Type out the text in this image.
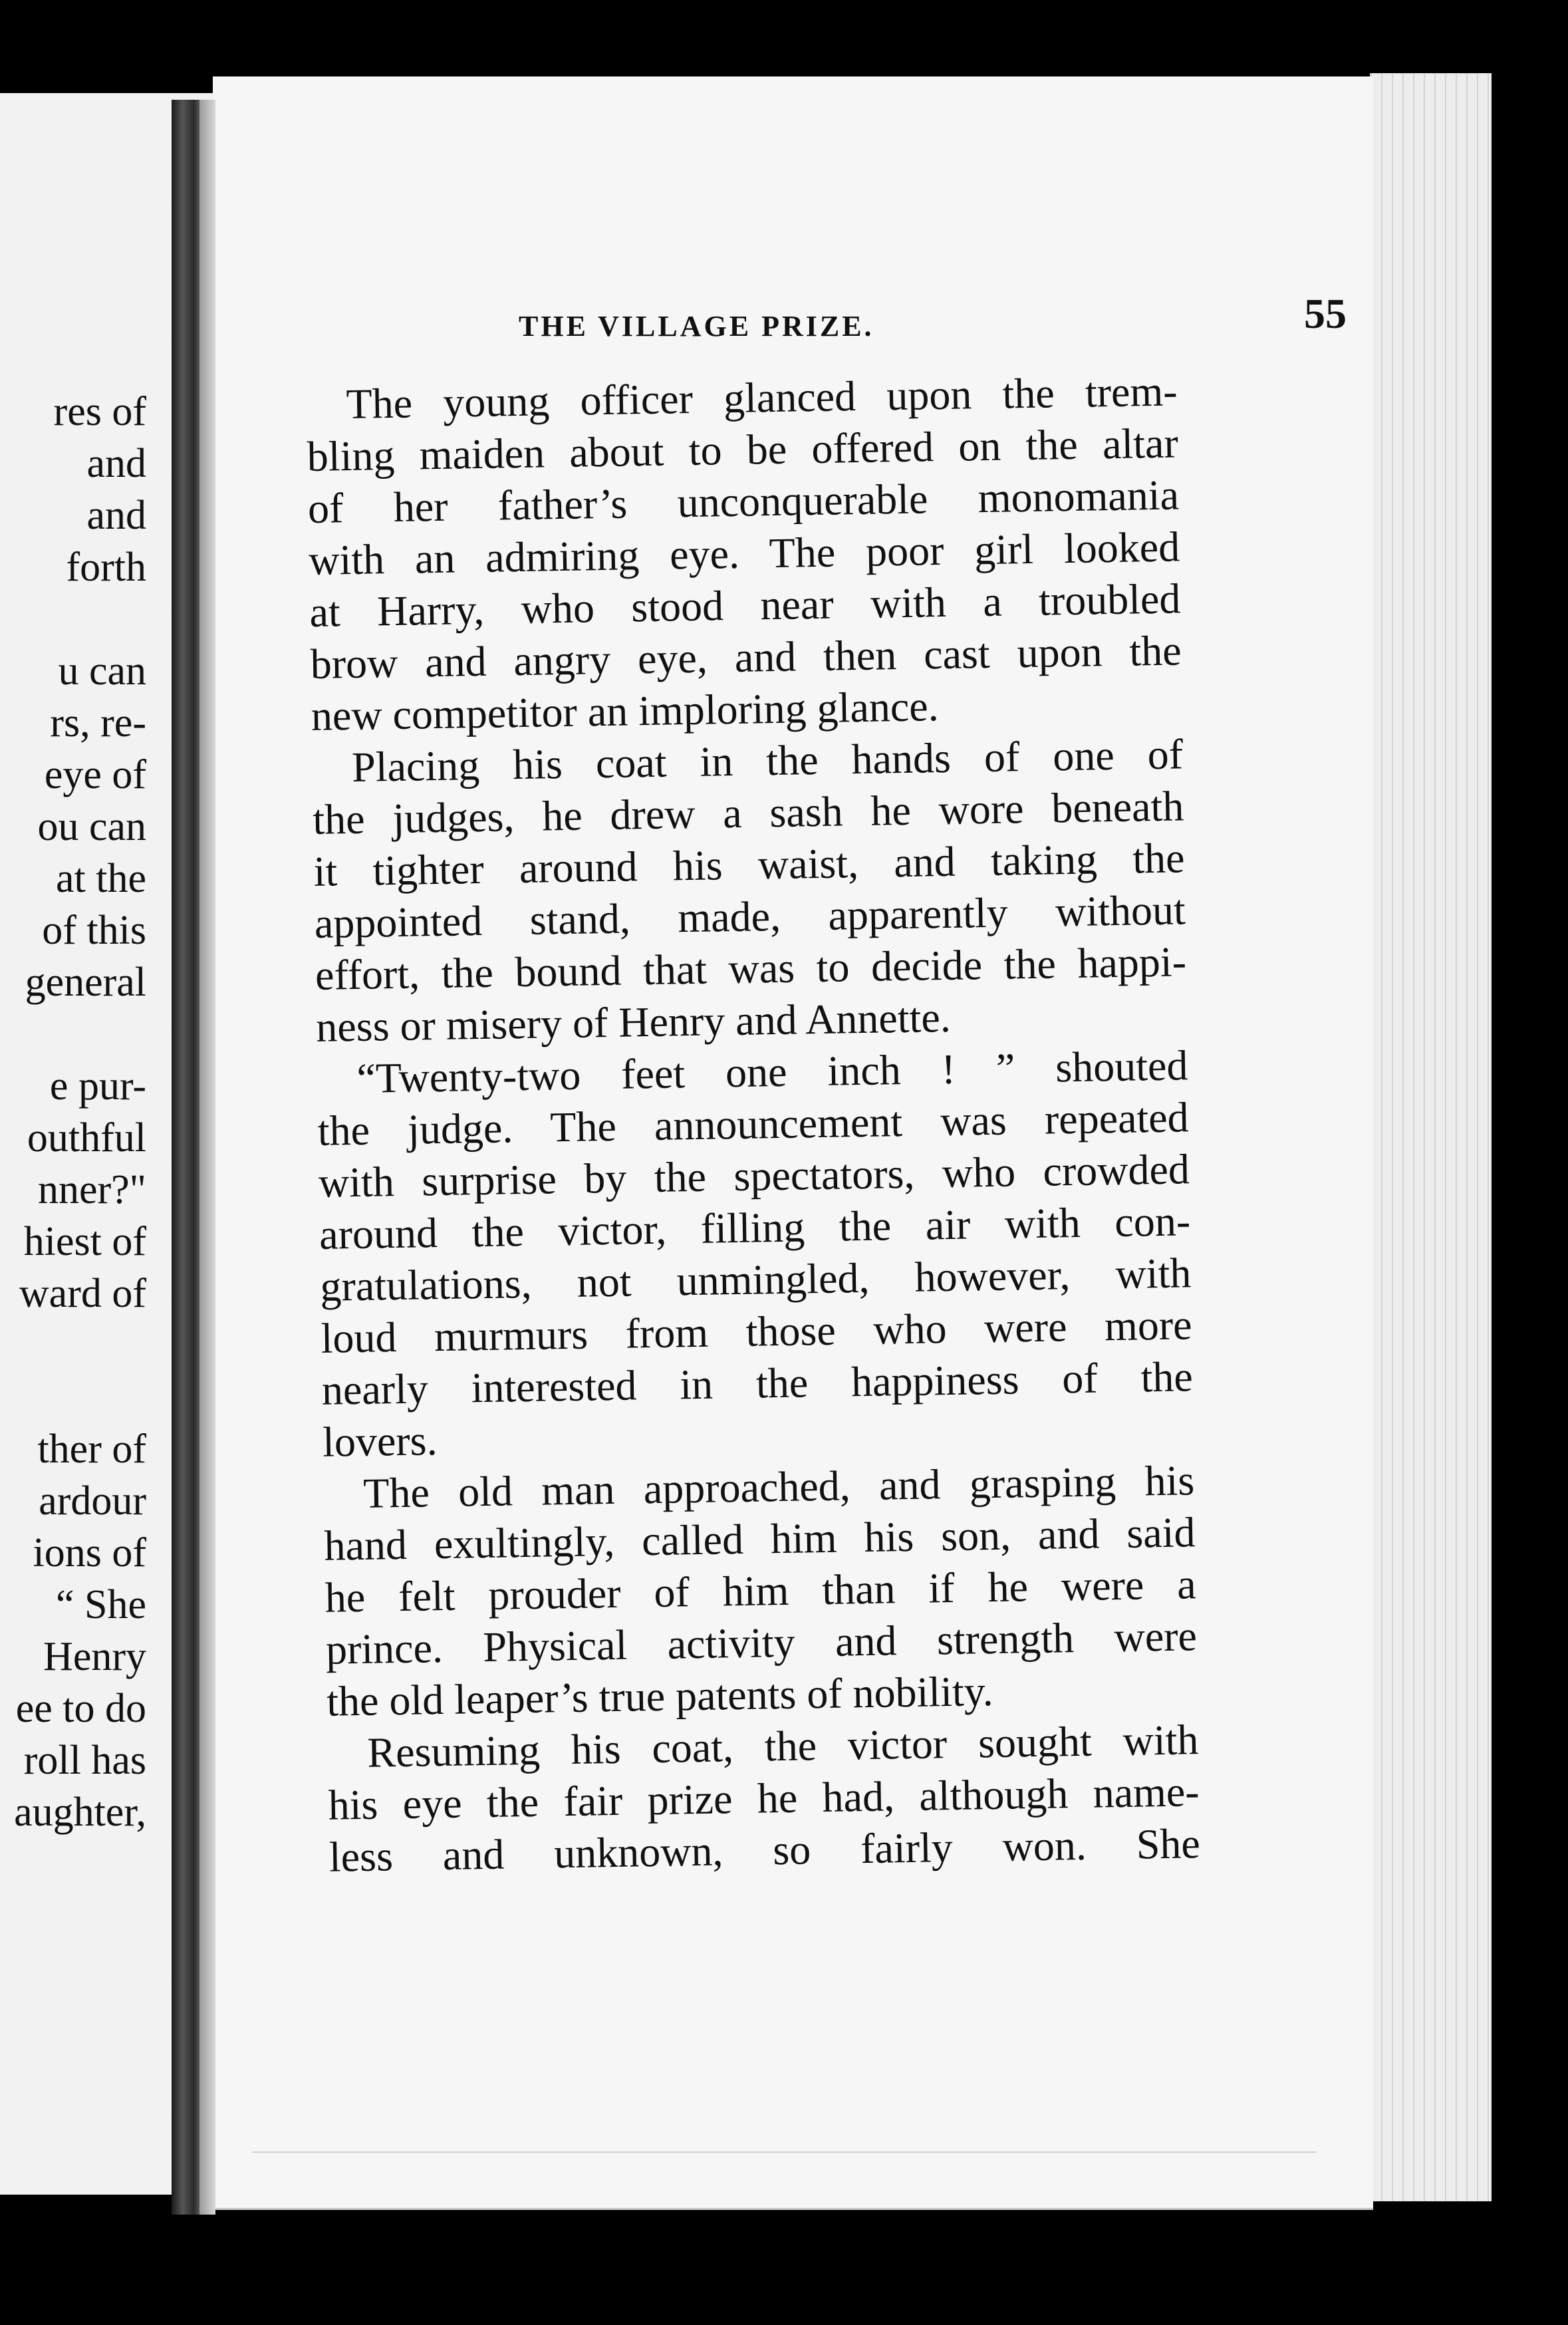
res of
and
and
forth
u can
rs, re-
eye of
ou can
at the
of this
general
e pur-
outhful
nner?"
hiest of
ward of
ther of
ardour
ions of
“ She
Henry
ee to do
roll has
aughter,
THE VILLAGE PRIZE.	55

The young officer glanced upon the trem-
bling maiden about to be offered on the altar
of her father’s unconquerable monomania
with an admiring eye. The poor girl looked
at Harry, who stood near with a troubled
brow and angry eye, and then cast upon the
new competitor an imploring glance.

Placing his coat in the hands of one of
the judges, he drew a sash he wore beneath
it tighter around his waist, and taking the
appointed stand, made, apparently without
effort, the bound that was to decide the happi-
ness or misery of Henry and Annette.

“Twenty-two feet one inch ! ” shouted
the judge. The announcement was repeated
with surprise by the spectators, who crowded
around the victor, filling the air with con-
gratulations, not unmingled, however, with
loud murmurs from those who were more
nearly interested in the happiness of the
lovers.

The old man approached, and grasping his
hand exultingly, called him his son, and said
he felt prouder of him than if he were a
prince. Physical activity and strength were
the old leaper’s true patents of nobility.

Resuming his coat, the victor sought with
his eye the fair prize he had, although name-
less and unknown, so fairly won. She
